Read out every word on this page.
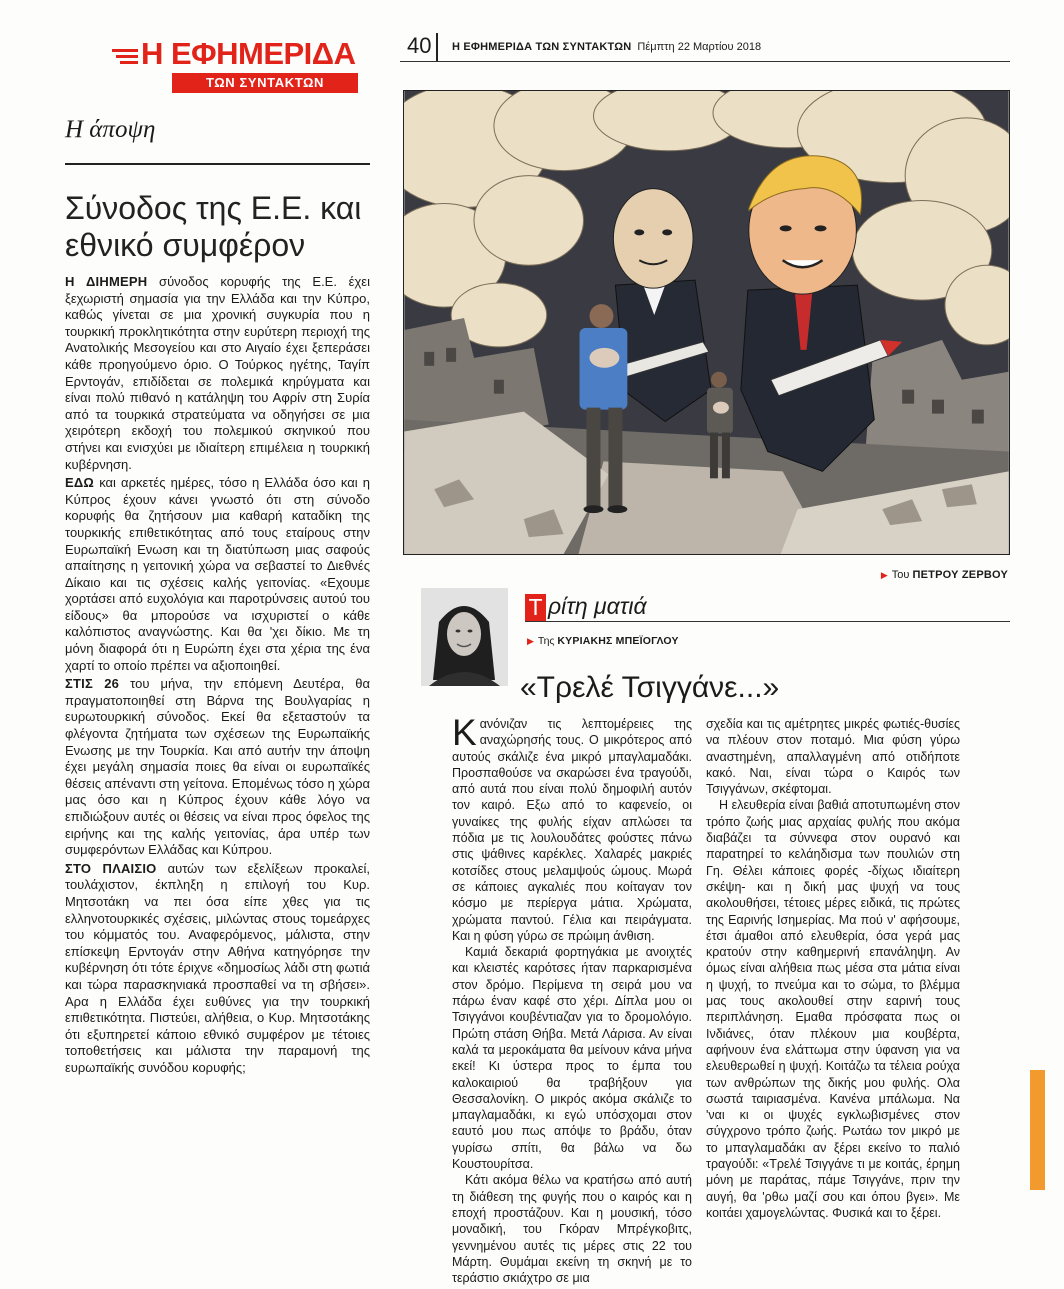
Η ΕΦΗΜΕΡΙΔΑ
ΤΩΝ ΣΥΝΤΑΚΤΩΝ
40 Η ΕΦΗΜΕΡΙΔΑ ΤΩΝ ΣΥΝΤΑΚΤΩΝ Πέμπτη 22 Μαρτίου 2018
Η άποψη
Σύνοδος της Ε.Ε. και
εθνικό συμφέρον

Η ΔΙΗΜΕΡΗ σύνοδος κορυφής της Ε.Ε. έχει ξεχωριστή σημασία για την Ελλάδα και την Κύπρο, καθώς γίνεται σε μια χρονική συγκυρία που η τουρκική προκλητικότητα στην ευρύτερη περιοχή της Ανατολικής Μεσογείου και στο Αιγαίο έχει ξεπεράσει κάθε προηγούμενο όριο. Ο Τούρκος ηγέτης, Ταγίπ Ερντογάν, επιδίδεται σε πολεμικά κηρύγματα και είναι πολύ πιθανό η κατάληψη του Αφρίν στη Συρία από τα τουρκικά στρατεύματα να οδηγήσει σε μια χειρότερη εκδοχή του πολεμικού σκηνικού που στήνει και ενισχύει με ιδιαίτερη επιμέλεια η τουρκική κυβέρνηση.

ΕΔΩ και αρκετές ημέρες, τόσο η Ελλάδα όσο και η Κύπρος έχουν κάνει γνωστό ότι στη σύνοδο κορυφής θα ζητήσουν μια καθαρή καταδίκη της τουρκικής επιθετικότητας από τους εταίρους στην Ευρωπαϊκή Ενωση και τη διατύπωση μιας σαφούς απαίτησης η γειτονική χώρα να σεβαστεί το Διεθνές Δίκαιο και τις σχέσεις καλής γειτονίας. «Εχουμε χορτάσει από ευχολόγια και παροτρύνσεις αυτού του είδους» θα μπορούσε να ισχυριστεί ο κάθε καλόπιστος αναγνώστης. Και θα 'χει δίκιο. Με τη μόνη διαφορά ότι η Ευρώπη έχει στα χέρια της ένα χαρτί το οποίο πρέπει να αξιοποιηθεί.

ΣΤΙΣ 26 του μήνα, την επόμενη Δευτέρα, θα πραγματοποιηθεί στη Βάρνα της Βουλγαρίας η ευρωτουρκική σύνοδος. Εκεί θα εξεταστούν τα φλέγοντα ζητήματα των σχέσεων της Ευρωπαϊκής Ενωσης με την Τουρκία. Και από αυτήν την άποψη έχει μεγάλη σημασία ποιες θα είναι οι ευρωπαϊκές θέσεις απέναντι στη γείτονα. Επομένως τόσο η χώρα μας όσο και η Κύπρος έχουν κάθε λόγο να επιδιώξουν αυτές οι θέσεις να είναι προς όφελος της ειρήνης και της καλής γειτονίας, άρα υπέρ των συμφερόντων Ελλάδας και Κύπρου.

ΣΤΟ ΠΛΑΙΣΙΟ αυτών των εξελίξεων προκαλεί, τουλάχιστον, έκπληξη η επιλογή του Κυρ. Μητσοτάκη να πει όσα είπε χθες για τις ελληνοτουρκικές σχέσεις, μιλώντας στους τομεάρχες του κόμματός του. Αναφερόμενος, μάλιστα, στην επίσκεψη Ερντογάν στην Αθήνα κατηγόρησε την κυβέρνηση ότι τότε έριχνε «δημοσίως λάδι στη φωτιά και τώρα παρασκηνιακά προσπαθεί να τη σβήσει». Αρα η Ελλάδα έχει ευθύνες για την τουρκική επιθετικότητα. Πιστεύει, αλήθεια, ο Κυρ. Μητσοτάκης ότι εξυπηρετεί κάποιο εθνικό συμφέρον με τέτοιες τοποθετήσεις και μάλιστα την παραμονή της ευρωπαϊκής συνόδου κορυφής;

▶ Του ΠΕΤΡΟΥ ΖΕΡΒΟΥ
Τ ρίτη ματιά
▶ Της ΚΥΡΙΑΚΗΣ ΜΠΕΪΟΓΛΟΥ
«Τρελέ Τσιγγάνε...»

Κανόνιζαν τις λεπτομέρειες της αναχώρησής τους. Ο μικρότερος από αυτούς σκάλιζε ένα μικρό μπαγλαμαδάκι. Προσπαθούσε να σκαρώσει ένα τραγούδι, από αυτά που είναι πολύ δημοφιλή αυτόν τον καιρό. Εξω από το καφενείο, οι γυναίκες της φυλής είχαν απλώσει τα πόδια με τις λουλουδάτες φούστες πάνω στις ψάθινες καρέκλες. Χαλαρές μακριές κοτσίδες στους μελαμψούς ώμους. Μωρά σε κάποιες αγκαλιές που κοίταγαν τον κόσμο με περίεργα μάτια. Χρώματα, χρώματα παντού. Γέλια και πειράγματα. Και η φύση γύρω σε πρώιμη άνθιση.

Καμιά δεκαριά φορτηγάκια με ανοιχτές και κλειστές καρότσες ήταν παρκαρισμένα στον δρόμο. Περίμενα τη σειρά μου να πάρω έναν καφέ στο χέρι. Δίπλα μου οι Τσιγγάνοι κουβέντιαζαν για το δρομολόγιο. Πρώτη στάση Θήβα. Μετά Λάρισα. Αν είναι καλά τα μεροκάματα θα μείνουν κάνα μήνα εκεί! Κι ύστερα προς το έμπα του καλοκαιριού θα τραβήξουν για Θεσσαλονίκη. Ο μικρός ακόμα σκάλιζε το μπαγλαμαδάκι, κι εγώ υπόσχομαι στον εαυτό μου πως απόψε το βράδυ, όταν γυρίσω σπίτι, θα βάλω να δω Κουστουρίτσα.

Κάτι ακόμα θέλω να κρατήσω από αυτή τη διάθεση της φυγής που ο καιρός και η εποχή προστάζουν. Και η μουσική, τόσο μοναδική, του Γκόραν Μπρέγκοβιτς, γεννημένου αυτές τις μέρες στις 22 του Μάρτη. Θυμάμαι εκείνη τη σκηνή με το τεράστιο σκιάχτρο σε μια

σχεδία και τις αμέτρητες μικρές φωτιές-θυσίες να πλέουν στον ποταμό. Μια φύση γύρω αναστημένη, απαλλαγμένη από οτιδήποτε κακό. Ναι, είναι τώρα ο Καιρός των Τσιγγάνων, σκέφτομαι.

Η ελευθερία είναι βαθιά αποτυπωμένη στον τρόπο ζωής μιας αρχαίας φυλής που ακόμα διαβάζει τα σύννεφα στον ουρανό και παρατηρεί το κελάηδισμα των πουλιών στη Γη. Θέλει κάποιες φορές -δίχως ιδιαίτερη σκέψη- και η δική μας ψυχή να τους ακολουθήσει, τέτοιες μέρες ειδικά, τις πρώτες της Εαρινής Ισημερίας. Μα πού ν' αφήσουμε, έτσι άμαθοι από ελευθερία, όσα γερά μας κρατούν στην καθημερινή επανάληψη. Αν όμως είναι αλήθεια πως μέσα στα μάτια είναι η ψυχή, το πνεύμα και το σώμα, το βλέμμα μας τους ακολουθεί στην εαρινή τους περιπλάνηση. Εμαθα πρόσφατα πως οι Ινδιάνες, όταν πλέκουν μια κουβέρτα, αφήνουν ένα ελάττωμα στην ύφανση για να ελευθερωθεί η ψυχή. Κοιτάζω τα τέλεια ρούχα των ανθρώπων της δικής μου φυλής. Ολα σωστά ταιριασμένα. Κανένα μπάλωμα. Να 'ναι κι οι ψυχές εγκλωβισμένες στον σύγχρονο τρόπο ζωής. Ρωτάω τον μικρό με το μπαγλαμαδάκι αν ξέρει εκείνο το παλιό τραγούδι: «Τρελέ Τσιγγάνε τι με κοιτάς, έρημη μόνη με παράτας, πάμε Τσιγγάνε, πριν την αυγή, θα 'ρθω μαζί σου και όπου βγει». Με κοιτάει χαμογελώντας. Φυσικά και το ξέρει.
